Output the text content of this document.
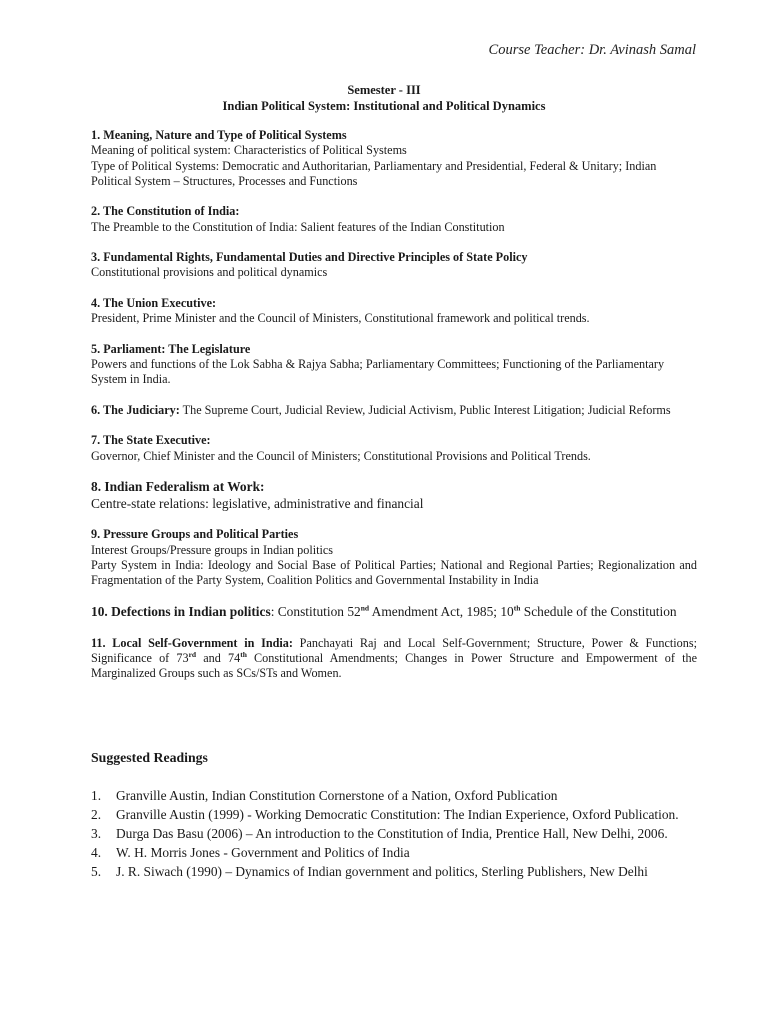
Course Teacher: Dr. Avinash Samal
Semester - III
Indian Political System: Institutional and Political Dynamics
1. Meaning, Nature and Type of Political Systems
Meaning of political system: Characteristics of Political Systems
Type of Political Systems: Democratic and Authoritarian, Parliamentary and Presidential, Federal & Unitary; Indian Political System – Structures, Processes and Functions
2. The Constitution of India:
The Preamble to the Constitution of India: Salient features of the Indian Constitution
3. Fundamental Rights, Fundamental Duties and Directive Principles of State Policy
Constitutional provisions and political dynamics
4. The Union Executive:
President, Prime Minister and the Council of Ministers, Constitutional framework and political trends.
5. Parliament: The Legislature
Powers and functions of the Lok Sabha & Rajya Sabha; Parliamentary Committees; Functioning of the Parliamentary System in India.
6. The Judiciary: The Supreme Court, Judicial Review, Judicial Activism, Public Interest Litigation; Judicial Reforms
7. The State Executive:
Governor, Chief Minister and the Council of Ministers; Constitutional Provisions and Political Trends.
8. Indian Federalism at Work:
Centre-state relations: legislative, administrative and financial
9. Pressure Groups and Political Parties
Interest Groups/Pressure groups in Indian politics
Party System in India: Ideology and Social Base of Political Parties; National and Regional Parties; Regionalization and Fragmentation of the Party System, Coalition Politics and Governmental Instability in India
10. Defections in Indian politics: Constitution 52nd Amendment Act, 1985; 10th Schedule of the Constitution
11. Local Self-Government in India: Panchayati Raj and Local Self-Government; Structure, Power & Functions; Significance of 73rd and 74th Constitutional Amendments; Changes in Power Structure and Empowerment of the Marginalized Groups such as SCs/STs and Women.
Suggested Readings
1. Granville Austin, Indian Constitution Cornerstone of a Nation, Oxford Publication
2. Granville Austin (1999) - Working Democratic Constitution: The Indian Experience, Oxford Publication.
3. Durga Das Basu (2006) – An introduction to the Constitution of India, Prentice Hall, New Delhi, 2006.
4. W. H. Morris Jones - Government and Politics of India
5. J. R. Siwach (1990) – Dynamics of Indian government and politics, Sterling Publishers, New Delhi
